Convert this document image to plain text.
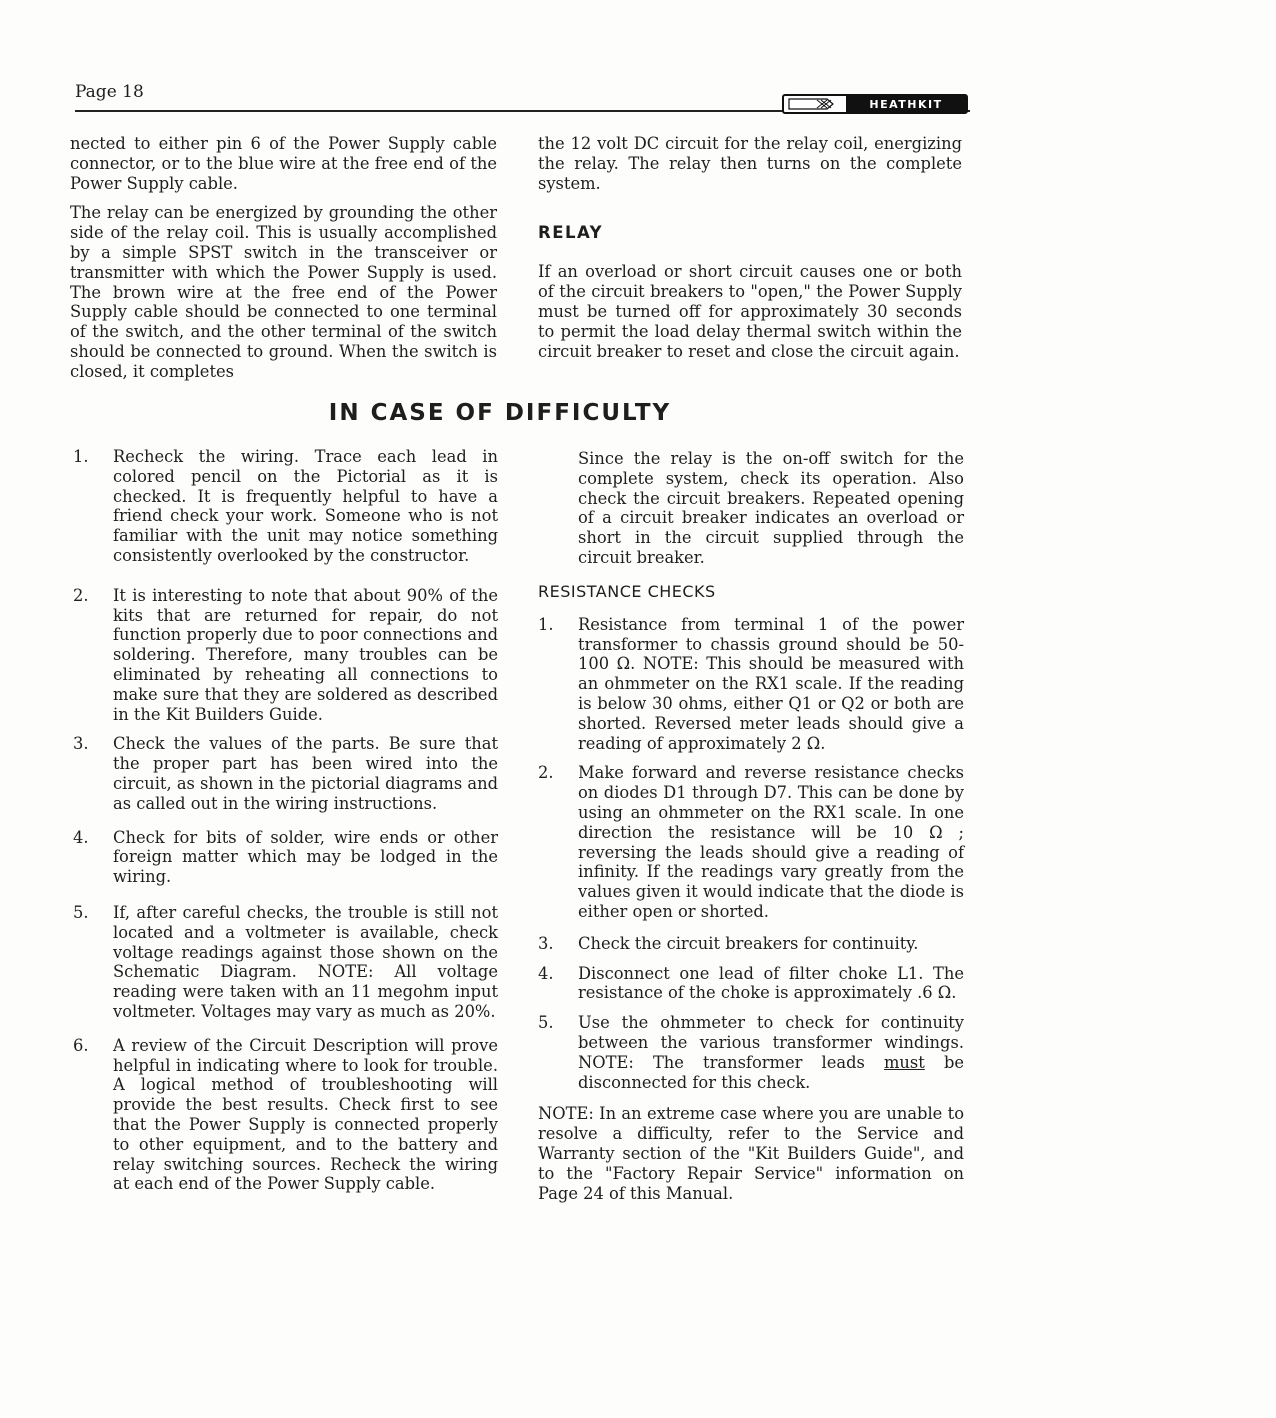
Page 18
HEATHKIT

nected to either pin 6 of the Power Supply cable connector, or to the blue wire at the free end of the Power Supply cable.

The relay can be energized by grounding the other side of the relay coil. This is usually accomplished by a simple SPST switch in the transceiver or transmitter with which the Power Supply is used. The brown wire at the free end of the Power Supply cable should be connected to one terminal of the switch, and the other terminal of the switch should be connected to ground. When the switch is closed, it completes

the 12 volt DC circuit for the relay coil, energizing the relay. The relay then turns on the complete system.

RELAY

If an overload or short circuit causes one or both of the circuit breakers to "open," the Power Supply must be turned off for approximately 30 seconds to permit the load delay thermal switch within the circuit breaker to reset and close the circuit again.

IN CASE OF DIFFICULTY
1.	Recheck the wiring. Trace each lead in colored pencil on the Pictorial as it is checked. It is frequently helpful to have a friend check your work. Someone who is not familiar with the unit may notice something consistently overlooked by the constructor.

2.	It is interesting to note that about 90% of the kits that are returned for repair, do not function properly due to poor connections and soldering. Therefore, many troubles can be eliminated by reheating all connections to make sure that they are soldered as described in the Kit Builders Guide.

3.	Check the values of the parts. Be sure that the proper part has been wired into the circuit, as shown in the pictorial diagrams and as called out in the wiring instructions.

4.	Check for bits of solder, wire ends or other foreign matter which may be lodged in the wiring.

5.	If, after careful checks, the trouble is still not located and a voltmeter is available, check voltage readings against those shown on the Schematic Diagram. NOTE: All voltage reading were taken with an 11 megohm input voltmeter. Voltages may vary as much as 20%.

6.	A review of the Circuit Description will prove helpful in indicating where to look for trouble. A logical method of troubleshooting will provide the best results. Check first to see that the Power Supply is connected properly to other equipment, and to the battery and relay switching sources. Recheck the wiring at each end of the Power Supply cable.

Since the relay is the on-off switch for the complete system, check its operation. Also check the circuit breakers. Repeated opening of a circuit breaker indicates an overload or short in the circuit supplied through the circuit breaker.

RESISTANCE CHECKS
1.	Resistance from terminal 1 of the power transformer to chassis ground should be 50-100 Ω. NOTE: This should be measured with an ohmmeter on the RX1 scale. If the reading is below 30 ohms, either Q1 or Q2 or both are shorted. Reversed meter leads should give a reading of approximately 2 Ω.

2.	Make forward and reverse resistance checks on diodes D1 through D7. This can be done by using an ohmmeter on the RX1 scale. In one direction the resistance will be 10 Ω ; reversing the leads should give a reading of infinity. If the readings vary greatly from the values given it would indicate that the diode is either open or shorted.

3.	Check the circuit breakers for continuity.

4.	Disconnect one lead of filter choke L1. The resistance of the choke is approximately .6 Ω.

5.	Use the ohmmeter to check for continuity between the various transformer windings. NOTE: The transformer leads must be disconnected for this check.

NOTE: In an extreme case where you are unable to resolve a difficulty, refer to the Service and Warranty section of the "Kit Builders Guide", and to the "Factory Repair Service" information on Page 24 of this Manual.
